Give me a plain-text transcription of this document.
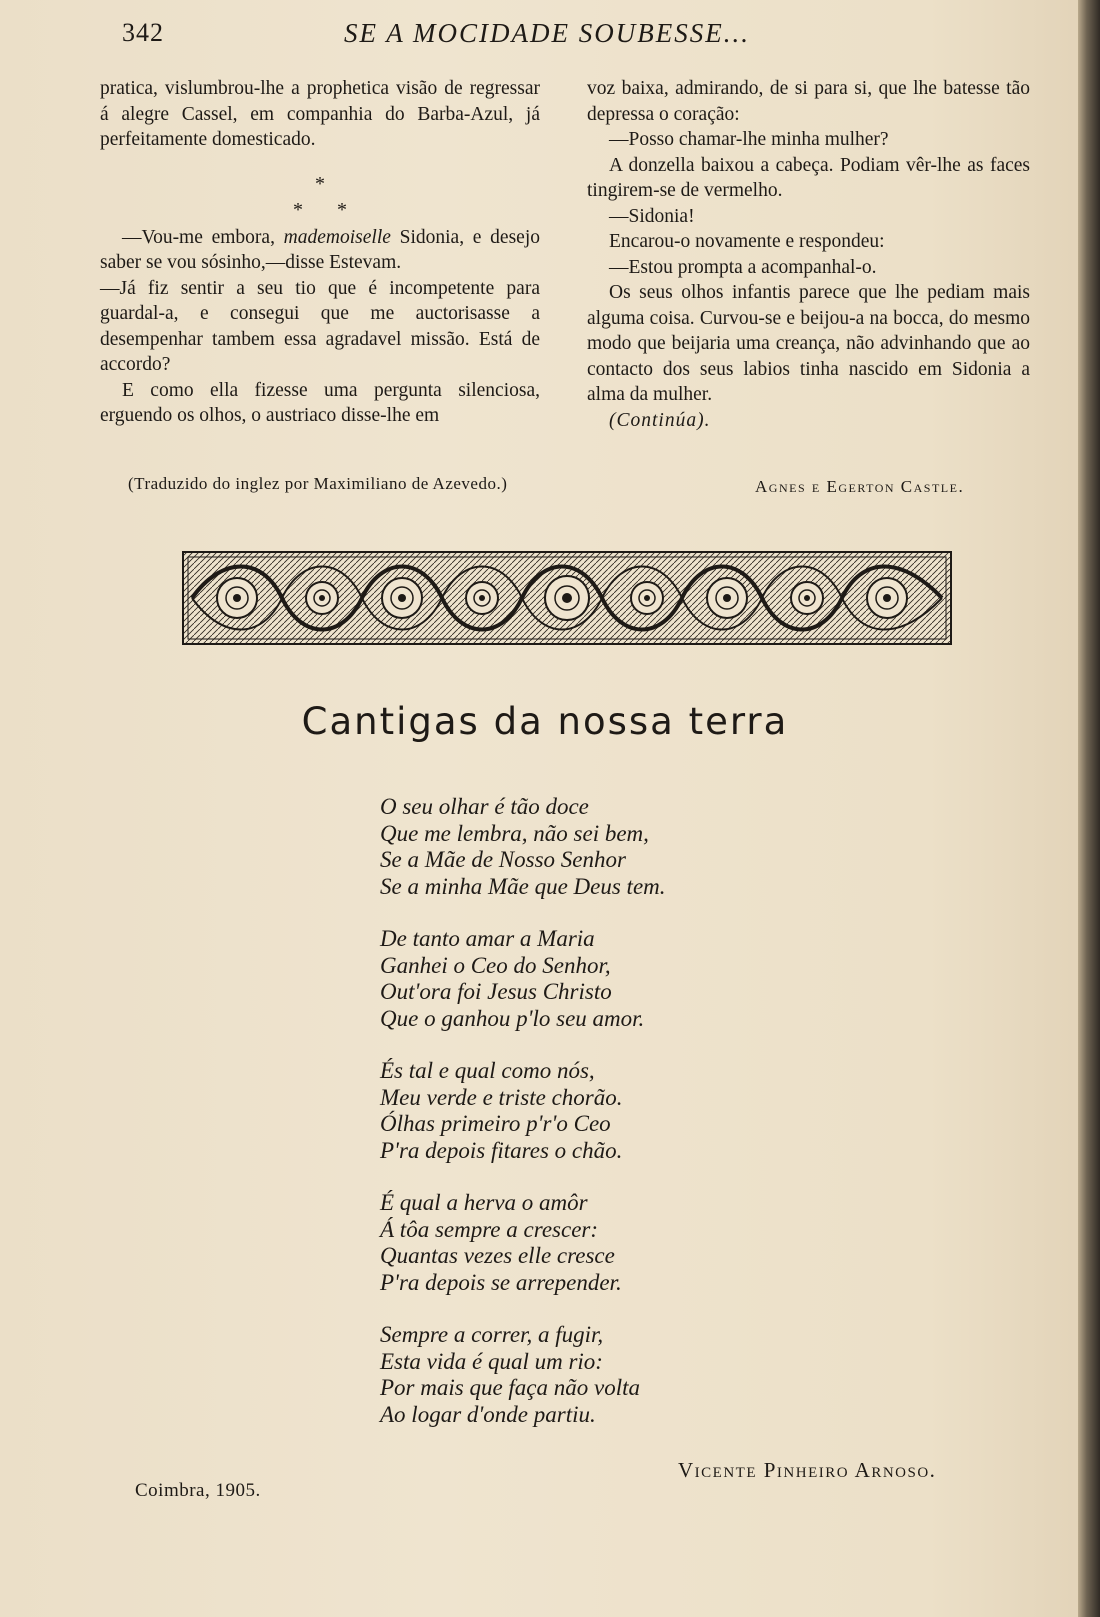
342	SE A MOCIDADE SOUBESSE...

pratica, vislumbrou-lhe a prophetica visão de regressar á alegre Cassel, em companhia do Barba-Azul, já perfeitamente domesticado.

*
**

—Vou-me embora, mademoiselle Sidonia, e desejo saber se vou sósinho,—disse Estevam.

—Já fiz sentir a seu tio que é incompetente para guardal-a, e consegui que me auctorisasse a desempenhar tambem essa agradavel missão. Está de accordo?

E como ella fizesse uma pergunta silenciosa, erguendo os olhos, o austriaco disse-lhe em

voz baixa, admirando, de si para si, que lhe batesse tão depressa o coração:

—Posso chamar-lhe minha mulher?

A donzella baixou a cabeça. Podiam vêr-lhe as faces tingirem-se de vermelho.

—Sidonia!

Encarou-o novamente e respondeu:

—Estou prompta a acompanhal-o.

Os seus olhos infantis parece que lhe pediam mais alguma coisa. Curvou-se e beijou-a na bocca, do mesmo modo que beijaria uma creança, não advinhando que ao contacto dos seus labios tinha nascido em Sidonia a alma da mulher.

(Continúa).

(Traduzido do inglez por Maximiliano de Azevedo.)	Agnes e Egerton Castle.
Cantigas da nossa terra
O seu olhar é tão doce
Que me lembra, não sei bem,
Se a Mãe de Nosso Senhor
Se a minha Mãe que Deus tem.
De tanto amar a Maria
Ganhei o Ceo do Senhor,
Out'ora foi Jesus Christo
Que o ganhou p'lo seu amor.
És tal e qual como nós,
Meu verde e triste chorão.
Ólhas primeiro p'r'o Ceo
P'ra depois fitares o chão.
É qual a herva o amôr
Á tôa sempre a crescer:
Quantas vezes elle cresce
P'ra depois se arrepender.
Sempre a correr, a fugir,
Esta vida é qual um rio:
Por mais que faça não volta
Ao logar d'onde partiu.
Vicente Pinheiro Arnoso.
Coimbra, 1905.
